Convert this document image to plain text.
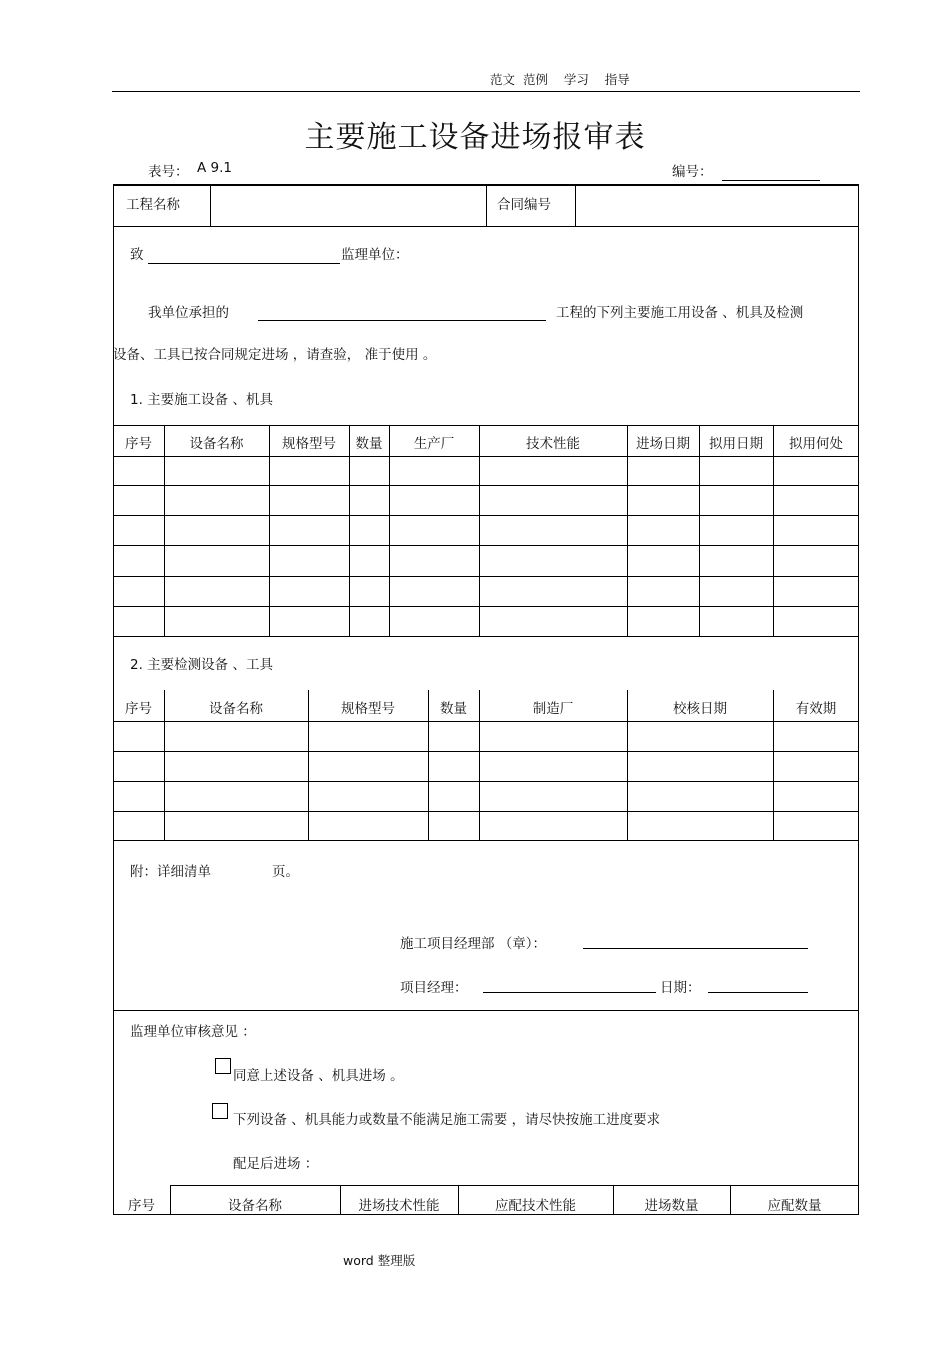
范文  范例    学习    指导
主要施工设备进场报审表
表号： A 9.1	编号：
工程名称	合同编号
致	监理单位：
我单位承担的	工程的下列主要施工用设备 、机具及检测
设备、工具已按合同规定进场 ，请查验， 准于使用 。
1. 主要施工设备 、机具
序号	设备名称	规格型号	数量	生产厂	技术性能	进场日期	拟用日期	拟用何处
2. 主要检测设备 、工具
序号	设备名称	规格型号	数量	制造厂	校核日期	有效期
附：详细清单	页。
施工项目经理部 （章）：
项目经理：	日期：
监理单位审核意见 ：
同意上述设备 、机具进场 。
下列设备 、机具能力或数量不能满足施工需要 ，请尽快按施工进度要求
配足后进场 ：
序号	设备名称	进场技术性能	应配技术性能	进场数量	应配数量
word 整理版
